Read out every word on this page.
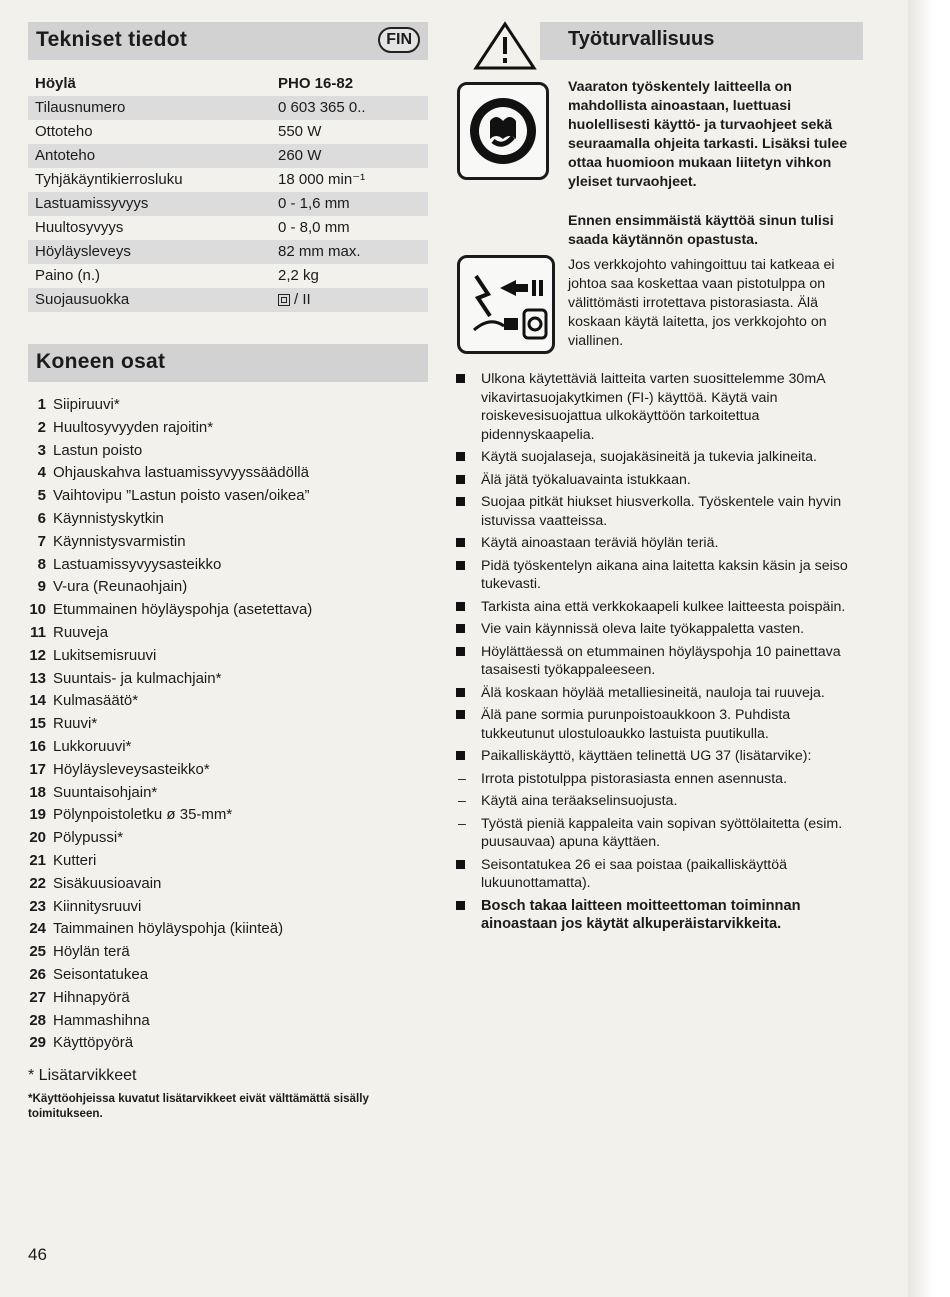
Tekniset tiedot	FIN
Höylä	PHO 16-82
Tilausnumero	0 603 365 0..
Ottoteho	550 W
Antoteho	260 W
Tyhjäkäyntikierrosluku	18 000 min⁻¹
Lastuamissyvyys	0 - 1,6 mm
Huultosyvyys	0 - 8,0 mm
Höyläysleveys	82 mm max.
Paino (n.)	2,2 kg
Suojausuokka	/ II
Koneen osat
1 Siipiruuvi*
2 Huultosyvyyden rajoitin*
3 Lastun poisto
4 Ohjauskahva lastuamissyvyyssäädöllä
5 Vaihtovipu ”Lastun poisto vasen/oikea”
6 Käynnistyskytkin
7 Käynnistysvarmistin
8 Lastuamissyvyysasteikko
9 V-ura (Reunaohjain)
10 Etummainen höyläyspohja (asetettava)
11 Ruuveja
12 Lukitsemisruuvi
13 Suuntais- ja kulmachjain*
14 Kulmasäätö*
15 Ruuvi*
16 Lukkoruuvi*
17 Höyläysleveysasteikko*
18 Suuntaisohjain*
19 Pölynpoistoletku ø 35-mm*
20 Pölypussi*
21 Kutteri
22 Sisäkuusioavain
23 Kiinnitysruuvi
24 Taimmainen höyläyspohja (kiinteä)
25 Höylän terä
26 Seisontatukea
27 Hihnapyörä
28 Hammashihna
29 Käyttöpyörä
* Lisätarvikkeet
*Käyttöohjeissa kuvatut lisätarvikkeet eivät välttämättä sisälly toimitukseen.
46
Työturvallisuus
Vaaraton työskentely laitteella on mahdollista ainoastaan, luettuasi huolellisesti käyttö- ja turvaohjeet sekä seuraamalla ohjeita tarkasti. Lisäksi tulee ottaa huomioon mukaan liitetyn vihkon yleiset turvaohjeet.
Ennen ensimmäistä käyttöä sinun tulisi saada käytännön opastusta.
Jos verkkojohto vahingoittuu tai katkeaa ei johtoa saa koskettaa vaan pistotulppa on välittömästi irrotettava pistorasiasta. Älä koskaan käytä laitetta, jos verkkojohto on viallinen.
Ulkona käytettäviä laitteita varten suosittelemme 30mA vikavirtasuojakytkimen (FI-) käyttöä. Käytä vain roiskevesisuojattua ulkokäyttöön tarkoitettua pidennyskaapelia.
Käytä suojalaseja, suojakäsineitä ja tukevia jalkineita.
Älä jätä työkaluavainta istukkaan.
Suojaa pitkät hiukset hiusverkolla. Työskentele vain hyvin istuvissa vaatteissa.
Käytä ainoastaan teräviä höylän teriä.
Pidä työskentelyn aikana aina laitetta kaksin käsin ja seiso tukevasti.
Tarkista aina että verkkokaapeli kulkee laitteesta poispäin.
Vie vain käynnissä oleva laite työkappaletta vasten.
Höylättäessä on etummainen höyläyspohja 10 painettava tasaisesti työkappaleeseen.
Älä koskaan höylää metalliesineitä, nauloja tai ruuveja.
Älä pane sormia purunpoistoaukkoon 3. Puhdista tukkeutunut ulostuloaukko lastuista puutikulla.
Paikalliskäyttö, käyttäen telinettä UG 37 (lisätarvike):
– Irrota pistotulppa pistorasiasta ennen asennusta.
– Käytä aina teräakselinsuojusta.
– Työstä pieniä kappaleita vain sopivan syöttölaitetta (esim. puusauvaa) apuna käyttäen.
Seisontatukea 26 ei saa poistaa (paikalliskäyttöä lukuunottamatta).
Bosch takaa laitteen moitteettoman toiminnan ainoastaan jos käytät alkuperäistarvikkeita.
